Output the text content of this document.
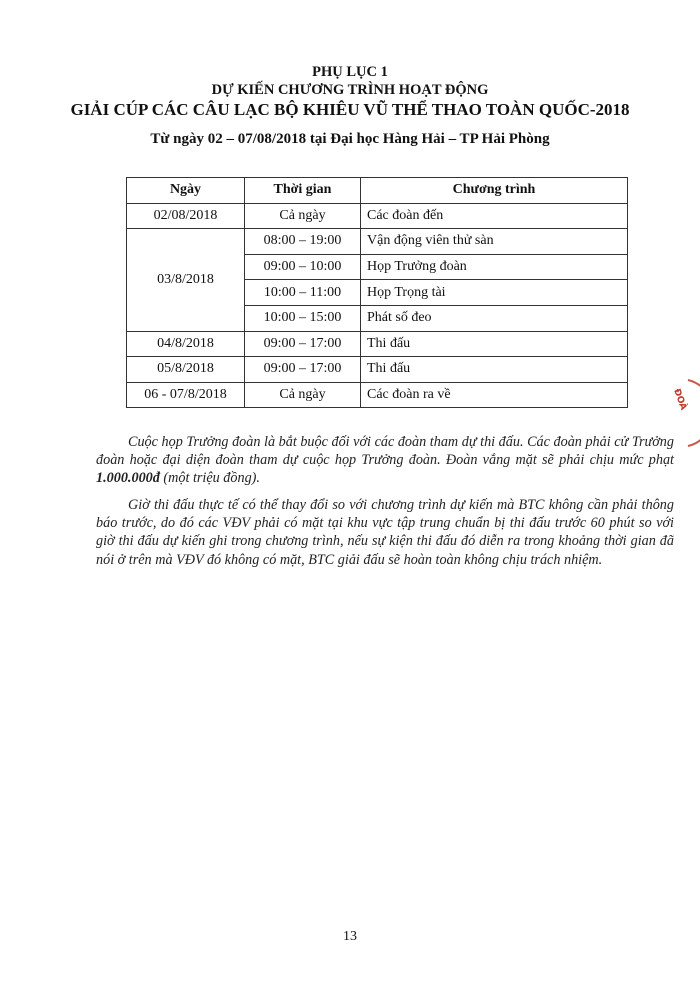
PHỤ LỤC 1
DỰ KIẾN CHƯƠNG TRÌNH HOẠT ĐỘNG
GIẢI CÚP CÁC CÂU LẠC BỘ KHIÊU VŨ THỂ THAO TOÀN QUỐC-2018
Từ ngày 02 – 07/08/2018 tại Đại học Hàng Hải – TP Hải Phòng
Ngày	Thời gian	Chương trình
02/08/2018	Cả ngày	Các đoàn đến
03/8/2018	08:00 – 19:00	Vận động viên thử sàn
	09:00 – 10:00	Họp Trưởng đoàn
	10:00 – 11:00	Họp Trọng tài
	10:00 – 15:00	Phát số đeo
04/8/2018	09:00 – 17:00	Thi đấu
05/8/2018	09:00 – 17:00	Thi đấu
06 - 07/8/2018	Cả ngày	Các đoàn ra về

Cuộc họp Trưởng đoàn là bắt buộc đối với các đoàn tham dự thi đấu. Các đoàn phải cử Trưởng đoàn hoặc đại diện đoàn tham dự cuộc họp Trưởng đoàn. Đoàn vắng mặt sẽ phải chịu mức phạt 1.000.000đ (một triệu đồng).

Giờ thi đấu thực tế có thể thay đổi so với chương trình dự kiến mà BTC không cần phải thông báo trước, do đó các VĐV phải có mặt tại khu vực tập trung chuẩn bị thi đấu trước 60 phút so với giờ thi đấu dự kiến ghi trong chương trình, nếu sự kiện thi đấu đó diễn ra trong khoảng thời gian đã nói ở trên mà VĐV đó không có mặt, BTC giải đấu sẽ hoàn toàn không chịu trách nhiệm.

ĐOÀ
13
